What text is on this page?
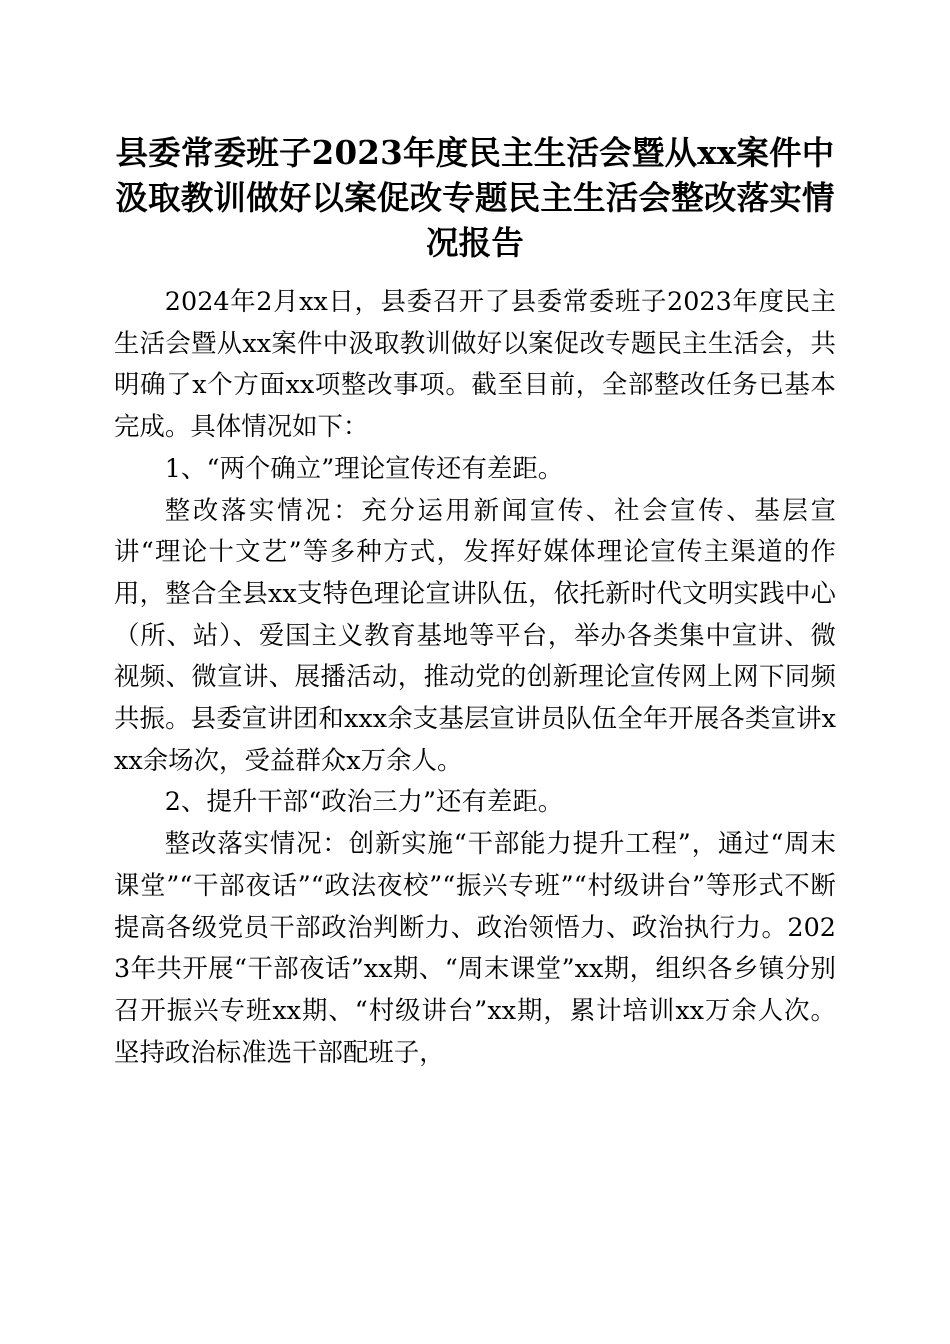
县委常委班子2023年度民主生活会暨从xx案件中汲取教训做好以案促改专题民主生活会整改落实情况报告

2024年2月xx日，县委召开了县委常委班子2023年度民主生活会暨从xx案件中汲取教训做好以案促改专题民主生活会，共明确了x个方面xx项整改事项。截至目前，全部整改任务已基本完成。具体情况如下：

1、“两个确立”理论宣传还有差距。

整改落实情况：充分运用新闻宣传、社会宣传、基层宣讲“理论十文艺”等多种方式，发挥好媒体理论宣传主渠道的作用，整合全县xx支特色理论宣讲队伍，依托新时代文明实践中心（所、站）、爱国主义教育基地等平台，举办各类集中宣讲、微视频、微宣讲、展播活动，推动党的创新理论宣传网上网下同频共振。县委宣讲团和xxx余支基层宣讲员队伍全年开展各类宣讲xxx余场次，受益群众x万余人。

2、提升干部“政治三力”还有差距。

整改落实情况：创新实施“干部能力提升工程”，通过“周末课堂”“干部夜话”“政法夜校”“振兴专班”“村级讲台”等形式不断提高各级党员干部政治判断力、政治领悟力、政治执行力。2023年共开展“干部夜话”xx期、“周末课堂”xx期，组织各乡镇分别召开振兴专班xx期、“村级讲台”xx期，累计培训xx万余人次。坚持政治标准选干部配班子，
